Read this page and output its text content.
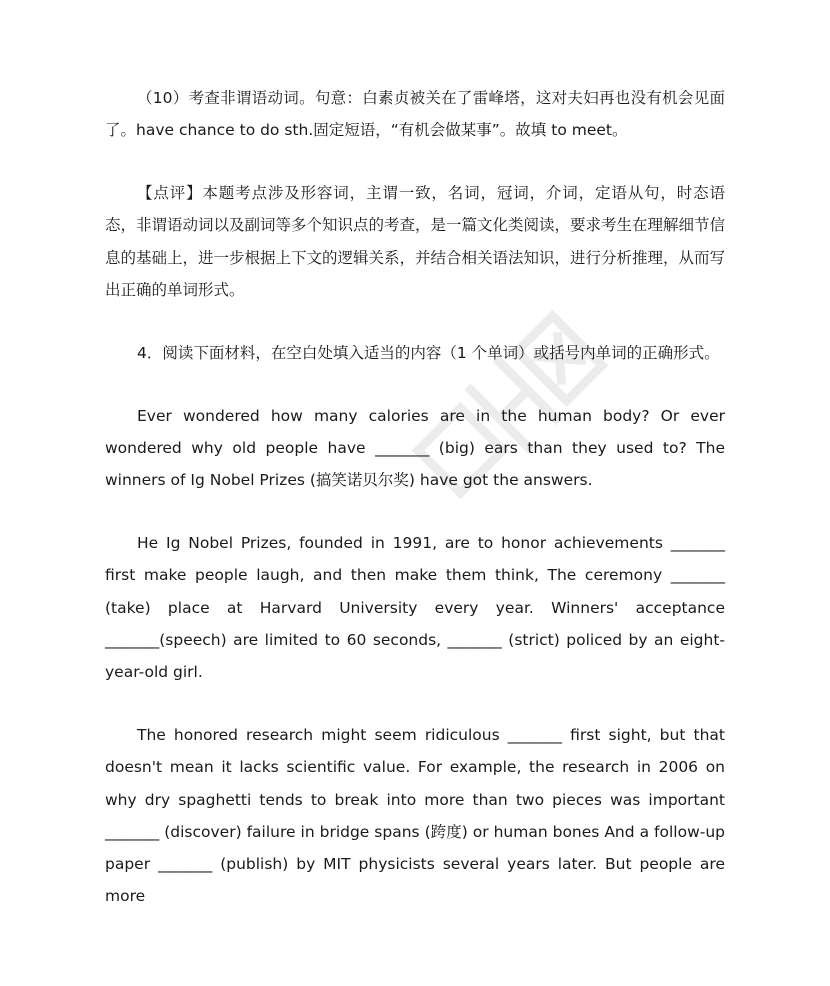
（10）考查非谓语动词。句意：白素贞被关在了雷峰塔，这对夫妇再也没有机会见面了。have chance to do sth.固定短语，“有机会做某事”。故填 to meet。

【点评】本题考点涉及形容词，主谓一致，名词，冠词，介词，定语从句，时态语态，非谓语动词以及副词等多个知识点的考查，是一篇文化类阅读，要求考生在理解细节信息的基础上，进一步根据上下文的逻辑关系，并结合相关语法知识，进行分析推理，从而写出正确的单词形式。

4．阅读下面材料，在空白处填入适当的内容（1 个单词）或括号内单词的正确形式。

Ever wondered how many calories are in the human body? Or ever wondered why old people have _______ (big) ears than they used to? The winners of Ig Nobel Prizes (搞笑诺贝尔奖) have got the answers.

He Ig Nobel Prizes, founded in 1991, are to honor achievements _______ first make people laugh, and then make them think, The ceremony _______ (take) place at Harvard University every year. Winners' acceptance _______(speech) are limited to 60 seconds, _______ (strict) policed by an eight-year-old girl.

The honored research might seem ridiculous _______ first sight, but that doesn't mean it lacks scientific value. For example, the research in 2006 on why dry spaghetti tends to break into more than two pieces was important _______ (discover) failure in bridge spans (跨度) or human bones And a follow-up paper _______ (publish) by MIT physicists several years later. But people are more
